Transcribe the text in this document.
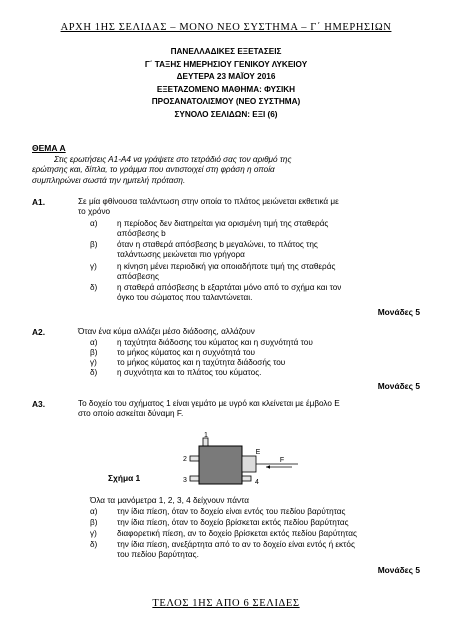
ΑΡΧΗ 1ΗΣ ΣΕΛΙΔΑΣ – ΜΟΝΟ ΝΕΟ ΣΥΣΤΗΜΑ – Γ΄ ΗΜΕΡΗΣΙΩΝ
ΠΑΝΕΛΛΑΔΙΚΕΣ ΕΞΕΤΑΣΕΙΣ
Γ΄ ΤΑΞΗΣ ΗΜΕΡΗΣΙΟΥ ΓΕΝΙΚΟΥ ΛΥΚΕΙΟΥ
ΔΕΥΤΕΡΑ 23 ΜΑΪΟΥ 2016
ΕΞΕΤΑΖΟΜΕΝΟ ΜΑΘΗΜΑ: ΦΥΣΙΚΗ
ΠΡΟΣΑΝΑΤΟΛΙΣΜΟΥ (ΝΕΟ ΣΥΣΤΗΜΑ)
ΣΥΝΟΛΟ ΣΕΛΙΔΩΝ: ΕΞΙ (6)
ΘΕΜΑ Α
Στις ερωτήσεις Α1-Α4 να γράψετε στο τετράδιό σας τον αριθμό της
ερώτησης και, δίπλα, το γράμμα που αντιστοιχεί στη φράση η οποία
συμπληρώνει σωστά την ημιτελή πρόταση.
Α1.	Σε μία φθίνουσα ταλάντωση στην οποία το πλάτος μειώνεται εκθετικά με
το χρόνο
α)	η περίοδος δεν διατηρείται για ορισμένη τιμή της σταθεράς
απόσβεσης b
β)	όταν η σταθερά απόσβεσης b μεγαλώνει, το πλάτος της
ταλάντωσης μειώνεται πιο γρήγορα
γ)	η κίνηση μένει περιοδική για οποιαδήποτε τιμή της σταθεράς
απόσβεσης
δ)	η σταθερά απόσβεσης b εξαρτάται μόνο από το σχήμα και τον
όγκο του σώματος που ταλαντώνεται.
Μονάδες 5
Α2.	Όταν ένα κύμα αλλάζει μέσο διάδοσης, αλλάζουν
α)	η ταχύτητα διάδοσης του κύματος και η συχνότητά του
β)	το μήκος κύματος και η συχνότητά του
γ)	το μήκος κύματος και η ταχύτητα διάδοσής του
δ)	η συχνότητα και το πλάτος του κύματος.
Μονάδες 5
Α3.	Το δοχείο του σχήματος 1 είναι γεμάτο με υγρό και κλείνεται με έμβολο Ε
στο οποίο ασκείται δύναμη F.
1
2
3	4
E
F
Σχήμα 1
Όλα τα μανόμετρα 1, 2, 3, 4 δείχνουν πάντα
α)	την ίδια πίεση, όταν το δοχείο είναι εντός του πεδίου βαρύτητας
β)	την ίδια πίεση, όταν το δοχείο βρίσκεται εκτός πεδίου βαρύτητας
γ)	διαφορετική πίεση, αν το δοχείο βρίσκεται εκτός πεδίου βαρύτητας
δ)	την ίδια πίεση, ανεξάρτητα από το αν το δοχείο είναι εντός ή εκτός
του πεδίου βαρύτητας.
Μονάδες 5
ΤΕΛΟΣ 1ΗΣ ΑΠΟ 6 ΣΕΛΙΔΕΣ
